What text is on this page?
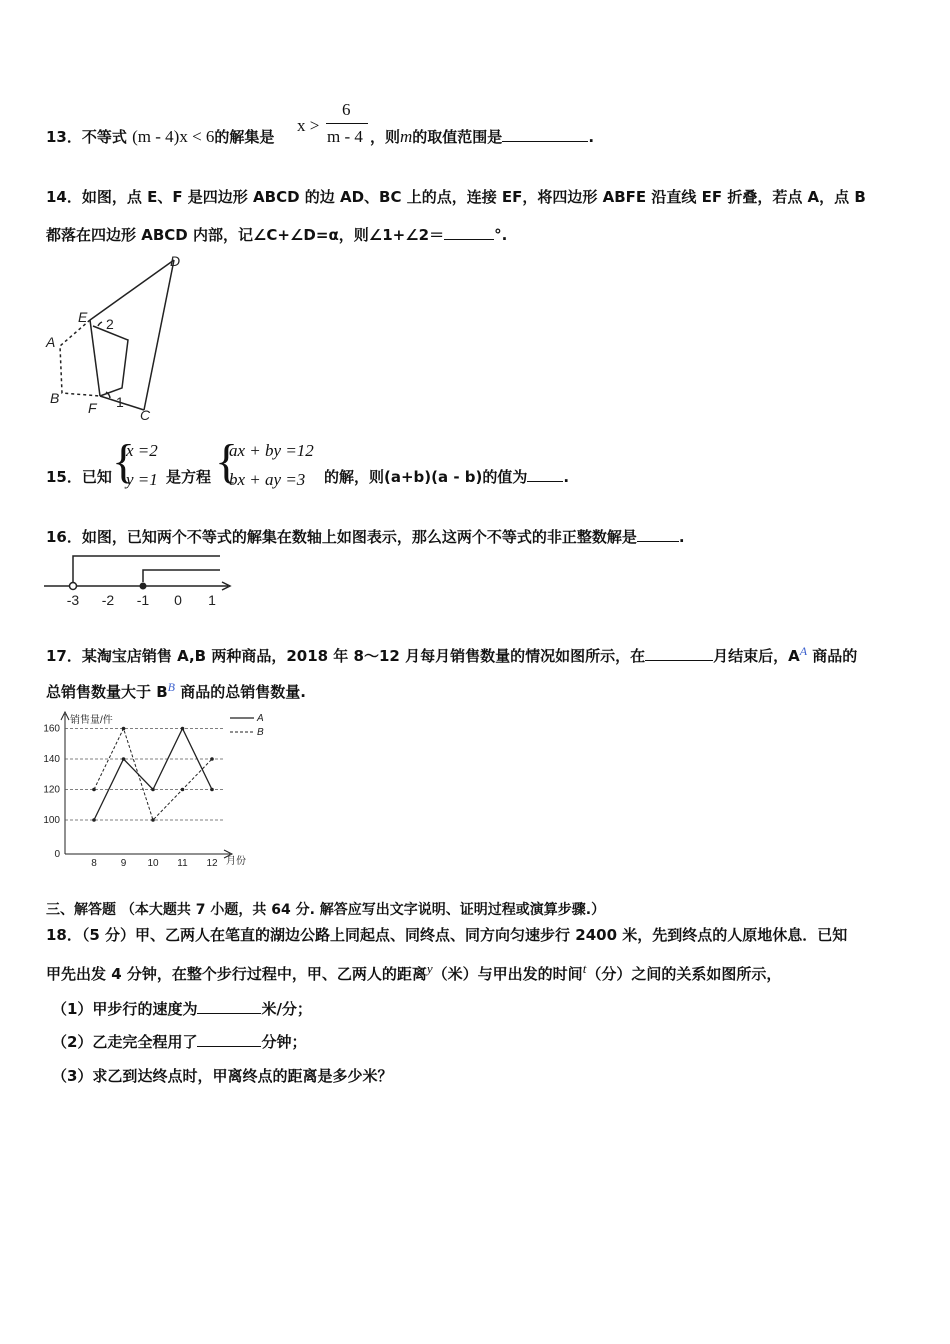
13．不等式 (m - 4)x < 6的解集是
x >
6
m - 4 ，则m的取值范围是	.
14．如图，点 E、F 是四边形 ABCD 的边 AD、BC 上的点，连接 EF，将四边形 ABFE 沿直线 EF 折叠，若点 A，点 B
都落在四边形 ABCD 内部，记∠C+∠D=α，则∠1+∠2＝	°.
D
E 2
A
B
F 1
C
15．已知 {
x =2
y =1 是方程 {
ax + by =12
bx + ay =3 的解，则(a+b)(a - b)的值为 .
16．如图，已知两个不等式的解集在数轴上如图表示，那么这两个不等式的非正整数解是	.
-3 -2 -1 0 1
17．某淘宝店销售 A,B 两种商品，2018 年 8～12 月每月销售数量的情况如图所示，在	月结束后，$A^A$ 商品的
总销售数量大于 $B^B$ 商品的总销售数量.
0
100
120
140
160
8 9 10 11 12
销售量/件
月份
A
B
三、解答题 （本大题共 7 小题，共 64 分. 解答应写出文字说明、证明过程或演算步骤.）
18．（5 分）甲、乙两人在笔直的湖边公路上同起点、同终点、同方向匀速步行 2400 米，先到终点的人原地休息．已知
甲先出发 4 分钟，在整个步行过程中，甲、乙两人的距离$^y$（米）与甲出发的时间$^t$（分）之间的关系如图所示，
（1）甲步行的速度为	米/分；
（2）乙走完全程用了	分钟；
（3）求乙到达终点时，甲离终点的距离是多少米？
